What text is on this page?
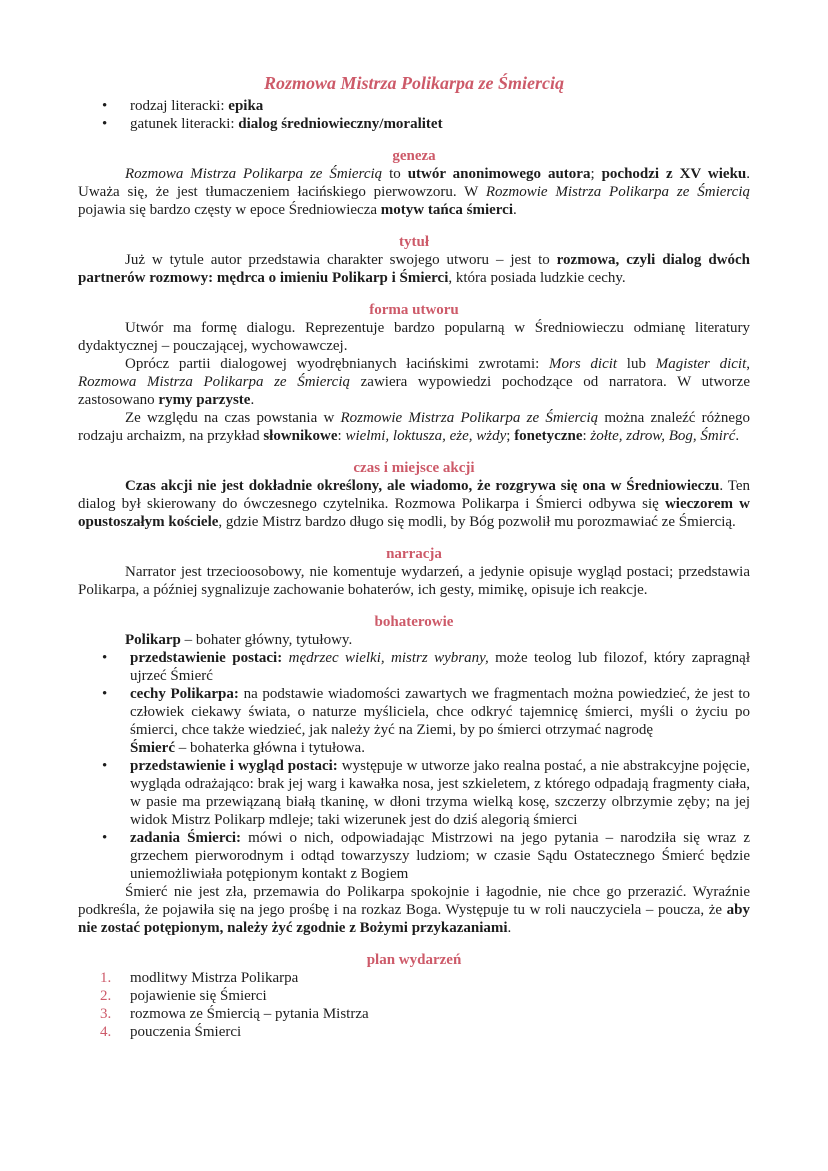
Rozmowa Mistrza Polikarpa ze Śmiercią
• rodzaj literacki: epika
• gatunek literacki: dialog średniowieczny/moralitet
geneza

Rozmowa Mistrza Polikarpa ze Śmiercią to utwór anonimowego autora; pochodzi z XV wieku. Uważa się, że jest tłumaczeniem łacińskiego pierwowzoru. W Rozmowie Mistrza Polikarpa ze Śmiercią pojawia się bardzo częsty w epoce Średniowiecza motyw tańca śmierci.

tytuł

Już w tytule autor przedstawia charakter swojego utworu – jest to rozmowa, czyli dialog dwóch partnerów rozmowy: mędrca o imieniu Polikarp i Śmierci, która posiada ludzkie cechy.

forma utworu

Utwór ma formę dialogu. Reprezentuje bardzo popularną w Średniowieczu odmianę literatury dydaktycznej – pouczającej, wychowawczej.

Oprócz partii dialogowej wyodrębnianych łacińskimi zwrotami: Mors dicit lub Magister dicit, Rozmowa Mistrza Polikarpa ze Śmiercią zawiera wypowiedzi pochodzące od narratora. W utworze zastosowano rymy parzyste.

Ze względu na czas powstania w Rozmowie Mistrza Polikarpa ze Śmiercią można znaleźć różnego rodzaju archaizm, na przykład słownikowe: wielmi, loktusza, eże, wżdy; fonetyczne: żołte, zdrow, Bog, Śmirć.

czas i miejsce akcji

Czas akcji nie jest dokładnie określony, ale wiadomo, że rozgrywa się ona w Średniowieczu. Ten dialog był skierowany do ówczesnego czytelnika. Rozmowa Polikarpa i Śmierci odbywa się wieczorem w opustoszałym kościele, gdzie Mistrz bardzo długo się modli, by Bóg pozwolił mu porozmawiać ze Śmiercią.

narracja

Narrator jest trzecioosobowy, nie komentuje wydarzeń, a jedynie opisuje wygląd postaci; przedstawia Polikarpa, a później sygnalizuje zachowanie bohaterów, ich gesty, mimikę, opisuje ich reakcje.

bohaterowie

Polikarp – bohater główny, tytułowy.

• przedstawienie postaci: mędrzec wielki, mistrz wybrany, może teolog lub filozof, który zapragnął ujrzeć Śmierć
• cechy Polikarpa: na podstawie wiadomości zawartych we fragmentach można powiedzieć, że jest to człowiek ciekawy świata, o naturze myśliciela, chce odkryć tajemnicę śmierci, myśli o życiu po śmierci, chce także wiedzieć, jak należy żyć na Ziemi, by po śmierci otrzymać nagrodę

Śmierć – bohaterka główna i tytułowa.

• przedstawienie i wygląd postaci: występuje w utworze jako realna postać, a nie abstrakcyjne pojęcie, wygląda odrażająco: brak jej warg i kawałka nosa, jest szkieletem, z którego odpadają fragmenty ciała, w pasie ma przewiązaną białą tkaninę, w dłoni trzyma wielką kosę, szczerzy olbrzymie zęby; na jej widok Mistrz Polikarp mdleje; taki wizerunek jest do dziś alegorią śmierci
• zadania Śmierci: mówi o nich, odpowiadając Mistrzowi na jego pytania – narodziła się wraz z grzechem pierworodnym i odtąd towarzyszy ludziom; w czasie Sądu Ostatecznego Śmierć będzie uniemożliwiała potępionym kontakt z Bogiem

Śmierć nie jest zła, przemawia do Polikarpa spokojnie i łagodnie, nie chce go przerazić. Wyraźnie podkreśla, że pojawiła się na jego prośbę i na rozkaz Boga. Występuje tu w roli nauczyciela – poucza, że aby nie zostać potępionym, należy żyć zgodnie z Bożymi przykazaniami.

plan wydarzeń
1. modlitwy Mistrza Polikarpa
2. pojawienie się Śmierci
3. rozmowa ze Śmiercią – pytania Mistrza
4. pouczenia Śmierci
